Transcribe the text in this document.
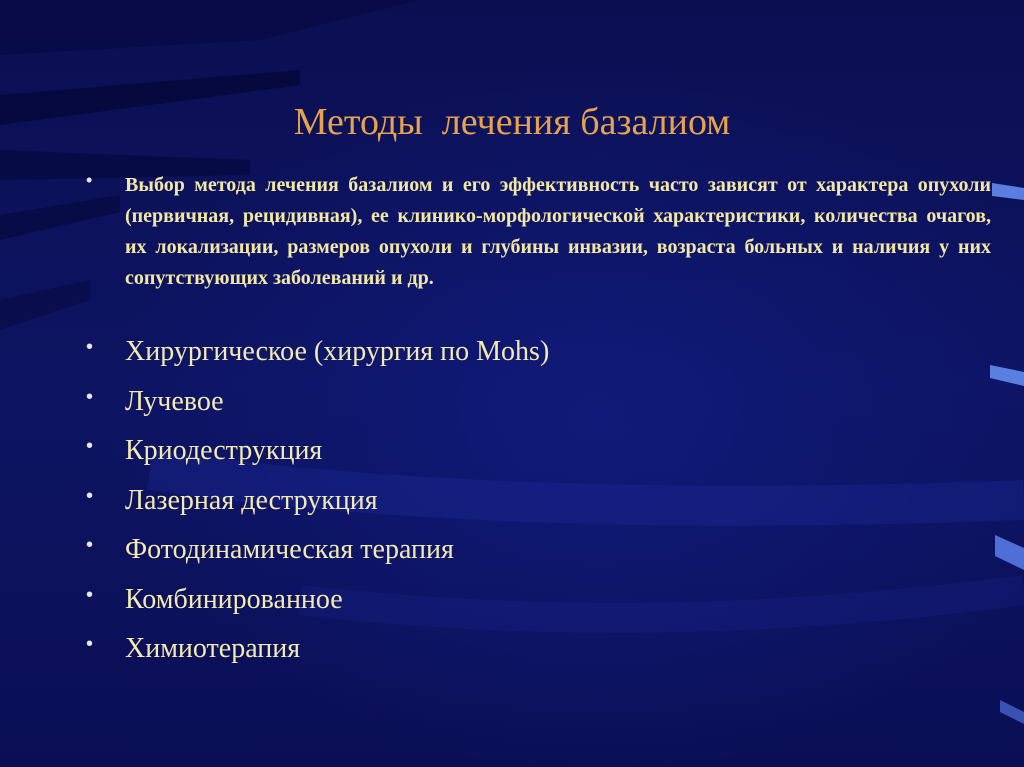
Методы  лечения базалиом
• Выбор метода лечения базалиом и его эффективность часто зависят от характера опухоли (первичная, рецидивная), ее клинико-морфологической характеристики, количества очагов, их локализации, размеров опухоли и глубины инвазии, возраста больных и наличия у них сопутствующих заболеваний и др.
• Хирургическое (хирургия по Mohs)
• Лучевое
• Криодеструкция
• Лазерная деструкция
• Фотодинамическая терапия
• Комбинированное
• Химиотерапия
